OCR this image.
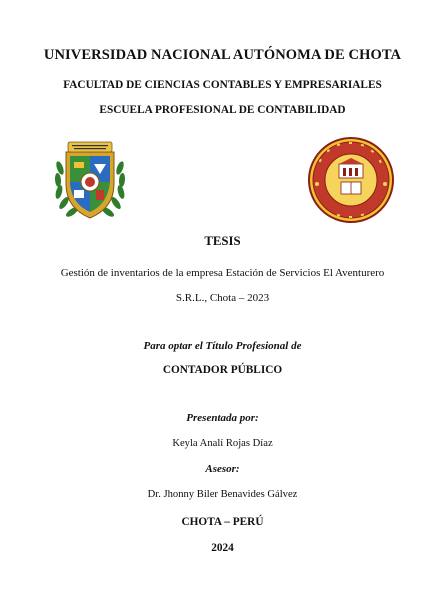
UNIVERSIDAD NACIONAL AUTÓNOMA DE CHOTA
FACULTAD DE CIENCIAS CONTABLES Y EMPRESARIALES
ESCUELA PROFESIONAL DE CONTABILIDAD
TESIS
Gestión de inventarios de la empresa Estación de Servicios El Aventurero
S.R.L., Chota – 2023
Para optar el Título Profesional de
CONTADOR PÚBLICO
Presentada por:
Keyla Analí Rojas Díaz
Asesor:
Dr. Jhonny Biler Benavides Gálvez
CHOTA – PERÚ
2024
